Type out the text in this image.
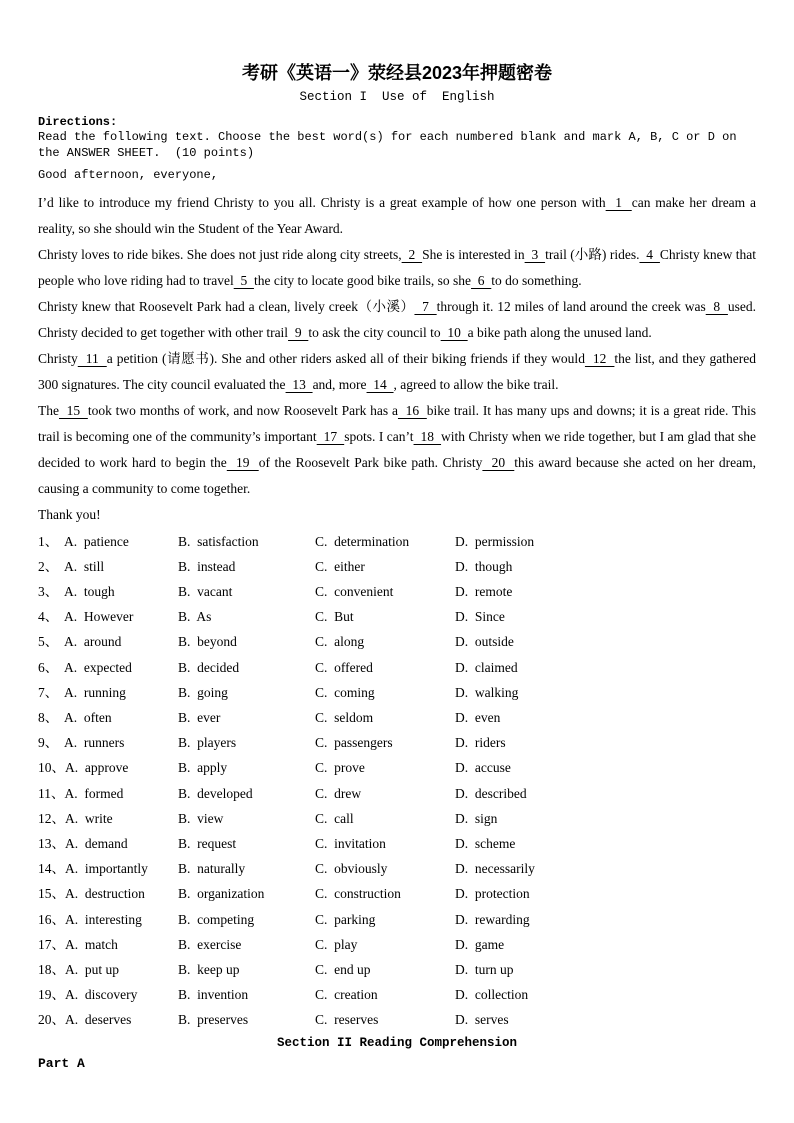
考研《英语一》荥经县2023年押题密卷
Section I  Use of  English
Directions:
Read the following text. Choose the best word(s) for each numbered blank and mark A, B, C or D on the ANSWER SHEET.  (10 points)
Good afternoon, everyone,

I’d like to introduce my friend Christy to you all. Christy is a great example of how one person with  1  can make her dream a reality, so she should win the Student of the Year Award.

Christy loves to ride bikes. She does not just ride along city streets,  2  She is interested in  3  trail (小路) rides.  4  Christy knew that people who love riding had to travel  5  the city to locate good bike trails, so she  6  to do something.

Christy knew that Roosevelt Park had a clean, lively creek（小溪）  7  through it. 12 miles of land around the creek was  8  used. Christy decided to get together with other trail  9  to ask the city council to  10  a bike path along the unused land.

Christy  11  a petition (请愿书). She and other riders asked all of their biking friends if they would  12  the list, and they gathered 300 signatures. The city council evaluated the  13  and, more  14  , agreed to allow the bike trail.

The  15  took two months of work, and now Roosevelt Park has a  16  bike trail. It has many ups and downs; it is a great ride. This trail is becoming one of the community’s important  17  spots. I can’t  18  with Christy when we ride together, but I am glad that she decided to work hard to begin the  19  of the Roosevelt Park bike path. Christy  20  this award because she acted on her dream, causing a community to come together.

Thank you!
1、 A.  patience	B.  satisfaction	C.  determination	D.  permission
2、 A.  still	B.  instead	C.  either	D.  though
3、 A.  tough	B.  vacant	C.  convenient	D.  remote
4、 A.  However	B.  As	C.  But	D.  Since
5、 A.  around	B.  beyond	C.  along	D.  outside
6、 A.  expected	B.  decided	C.  offered	D.  claimed
7、 A.  running	B.  going	C.  coming	D.  walking
8、 A.  often	B.  ever	C.  seldom	D.  even
9、 A.  runners	B.  players	C.  passengers	D.  riders
10、A.  approve	B.  apply	C.  prove	D.  accuse
11、A.  formed	B.  developed	C.  drew	D.  described
12、A.  write	B.  view	C.  call	D.  sign
13、A.  demand	B.  request	C.  invitation	D.  scheme
14、A.  importantly	B.  naturally	C.  obviously	D.  necessarily
15、A.  destruction	B.  organization	C.  construction	D.  protection
16、A.  interesting	B.  competing	C.  parking	D.  rewarding
17、A.  match	B.  exercise	C.  play	D.  game
18、A.  put up	B.  keep up	C.  end up	D.  turn up
19、A.  discovery	B.  invention	C.  creation	D.  collection
20、A.  deserves	B.  preserves	C.  reserves	D.  serves
Section II Reading Comprehension
Part A
